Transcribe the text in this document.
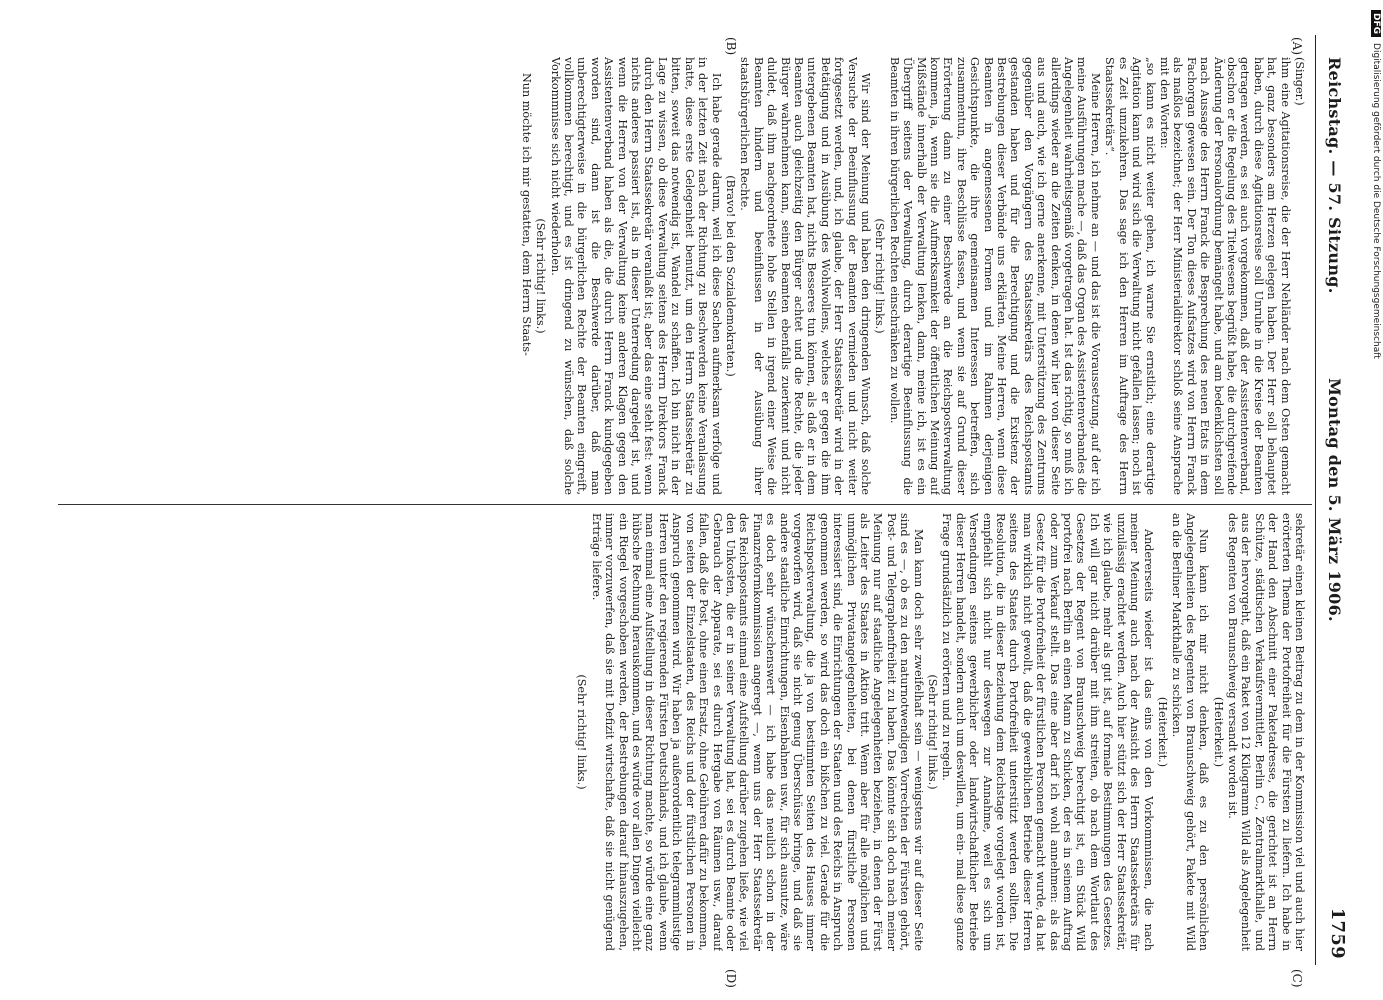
Reichstag. — 57. Sitzung.
Montag den 5. März 1906.
1759
(A)
(B)
(C)
(D)

(Singer.)

ihm eine Agitationsreise, die der Herr Nehländer nach dem Osten gemacht hat, ganz besonders am Herzen gelegen haben. Der Herr soll behauptet haben, durch diese Agitationsreise soll Unruhe in die Kreise der Beamten getragen werden, es sei auch vorgekommen, daß der Assistentenverband, obschon er die Regelung des Titelwesens begrüßt habe, die durchgreifende Änderung der Personalordnung bemängelt habe, und am bedenklichsten soll nach Aussage des Herrn Franck die Besprechung des neuen Etats in dem Fachorgan gewesen sein. Der Ton dieses Aufsatzes wird von Herrn Franck als maßlos bezeichnet; der Herr Ministerialdirektor schloß seine Ansprache mit den Worten:

„so kann es nicht weiter gehen, ich warne Sie ernstlich; eine derartige Agitation kann und wird sich die Verwaltung nicht gefallen lassen; noch ist es Zeit umzukehren. Das sage ich den Herren im Auftrage des Herrn Staatssekretärs“.

Meine Herren, ich nehme an — und das ist die Voraussetzung, auf der ich meine Ausführungen mache —, daß das Organ des Assistentenverbandes die Angelegenheit wahrheitsgemäß vorgetragen hat. Ist das richtig, so muß ich allerdings wieder an die Zeiten denken, in denen wir hier von dieser Seite aus und auch, wie ich gerne anerkenne, mit Unterstützung des Zentrums gegenüber den Vorgängern des Staatssekretärs des Reichspostamts gestanden haben und für die Berechtigung und die Existenz der Bestrebungen dieser Verbände uns erklärten. Meine Herren, wenn diese Beamten in angemessenen Formen und im Rahmen derjenigen Gesichtspunkte, die ihre gemeinsamen Interessen betreffen, sich zusammentun, ihre Beschlüsse fassen, und wenn sie auf Grund dieser Erörterung dann zu einer Beschwerde an die Reichspostverwaltung kommen, ja, wenn sie die Aufmerksamkeit der öffentlichen Meinung auf Mißstände innerhalb der Verwaltung lenken, dann, meine ich, ist es ein Übergriff seitens der Verwaltung, durch derartige Beeinflussung die Beamten in ihren bürgerlichen Rechten einschränken zu wollen.

(Sehr richtig! links.)

Wir sind der Meinung und haben den dringenden Wunsch, daß solche Versuche der Beeinflussung der Beamten vermieden und nicht weiter fortgesetzt werden, und, ich glaube, der Herr Staatssekretär wird in der Betätigung und in Ausübung des Wohlwollens, welches er gegen die ihm untergebenen Beamten hat, nichts Besseres tun können, als daß er in dem Beamten auch gleichzeitig den Bürger achtet und die Rechte, die jeder Bürger wahrnehmen kann, seinen Beamten ebenfalls zuerkennt und nicht duldet, daß ihm nachgeordnete hohe Stellen in irgend einer Weise die Beamten hindern und beeinflussen in der Ausübung ihrer staatsbürgerlichen Rechte.

(Bravo! bei den Sozialdemokraten.)

Ich habe gerade darum, weil ich diese Sachen aufmerksam verfolge und in der letzten Zeit nach der Richtung zu Beschwerden keine Veranlassung hatte, diese erste Gelegenheit benutzt, um den Herrn Staatssekretär zu bitten, soweit das notwendig ist, Wandel zu schaffen. Ich bin nicht in der Lage zu wissen, ob diese Verwaltung seitens des Herrn Direktors Franck durch den Herrn Staatssekretär veranlaßt ist; aber das eine steht fest: wenn nichts anderes passiert ist, als in dieser Unterredung dargelegt ist, und wenn die Herren von der Verwaltung keine anderen Klagen gegen den Assistentenverband haben als die, die durch Herrn Franck kundgegeben worden sind, dann ist die Beschwerde darüber, daß man unberechtigterweise in die bürgerlichen Rechte der Beamten eingreift, vollkommen berechtigt, und es ist dringend zu wünschen, daß solche Vorkommnisse sich nicht wiederholen.

(Sehr richtig! links.)

Nun möchte ich mir gestatten, dem Herrn Staats-

sekretär einen kleinen Beitrag zu dem in der Kommission viel und auch hier erörterten Thema der Portofreiheit für die Fürsten zu liefern. Ich habe in der Hand den Abschnitt einer Paketadresse, die gerichtet ist an Herrn Schütze, städtischen Verkaufsvermittler, Berlin C., Zentralmarkthalle, und aus der hervorgeht, daß ein Paket von 12 Kilogramm Wild als Angelegenheit des Regenten von Braunschweig versandt worden ist.

(Heiterkeit.)

Nun kann ich mir nicht denken, daß es zu den persönlichen Angelegenheiten des Regenten von Braunschweig gehört, Pakete mit Wild an die Berliner Markthalle zu schicken.

(Heiterkeit.)

Andererseits wieder ist das eins von den Vorkommnissen, die nach meiner Meinung auch nach der Ansicht des Herrn Staatssekretärs für unzulässig erachtet werden. Auch hier stützt sich der Herr Staatssekretär, wie ich glaube, mehr als gut ist, auf formale Bestimmungen des Gesetzes. Ich will gar nicht darüber mit ihm streiten, ob nach dem Wortlaut des Gesetzes der Regent von Braunschweig berechtigt ist, ein Stück Wild portofrei nach Berlin an einen Mann zu schicken, der es in seinem Auftrag oder zum Verkauf stellt. Das eine aber darf ich wohl annehmen: als das Gesetz für die Portofreiheit der fürstlichen Personen gemacht wurde, da hat man wirklich nicht gewollt, daß die gewerblichen Betriebe dieser Herren seitens des Staates durch Portofreiheit unterstützt werden sollten. Die Resolution, die in dieser Beziehung dem Reichstage vorgelegt worden ist, empfiehlt sich nicht nur deswegen zur Annahme, weil es sich um Versendungen seitens gewerblicher oder landwirtschaftlicher Betriebe dieser Herren handelt, sondern auch um deswillen, um ein- mal diese ganze Frage grundsätzlich zu erörtern und zu regeln.

(Sehr richtig! links.)

Man kann doch sehr zweifelhaft sein — wenigstens wir auf dieser Seite sind es —, ob es zu den naturnotwendigen Vorrechten der Fürsten gehört, Post- und Telegraphenfreiheit zu haben. Das könnte sich doch nach meiner Meinung nur auf staatliche Angelegenheiten beziehen, in denen der Fürst als Leiter des Staates in Aktion tritt. Wenn aber für alle möglichen und unmöglichen Privatangelegenheiten, bei denen fürstliche Personen interessiert sind, die Einrichtungen der Staaten und des Reichs in Anspruch genommen werden, so wird das doch ein bißchen zu viel. Gerade für die Reichspostverwaltung, die ja von bestimmten Seiten des Hauses immer vorgeworfen wird, daß sie nicht genug Überschüsse bringe, und daß sie andere staatliche Einrichtungen, Eisenbahnen usw., für sich ausnutze, wäre es doch sehr wünschenswert — ich habe das neulich schon in der Finanzreformkommission angeregt —, wenn uns der Herr Staatssekretär des Reichspostamts einmal eine Aufstellung darüber zugehen ließe, wie viel den Unkosten, die er in seiner Verwaltung hat, sei es durch Beamte oder Gebrauch der Apparate, sei es durch Hergabe von Räumen usw., darauf fallen, daß die Post, ohne einen Ersatz, ohne Gebühren dafür zu bekommen, von seiten der Einzelstaaten, des Reichs und der fürstlichen Personen in Anspruch genommen wird. Wir haben ja außerordentlich telegrammlustige Herren unter den regierenden Fürsten Deutschlands, und ich glaube, wenn man einmal eine Aufstellung in dieser Richtung machte, so würde eine ganz hübsche Rechnung herauskommen, und es würde vor allen Dingen vielleicht ein Riegel vorgeschoben werden, der Bestrebungen darauf hinauszugehen, immer vorzuwerfen, daß sie mit Defizit wirtschafte, daß sie nicht genügend Erträge liefere.

(Sehr richtig! links.)

DFGDigitalisierung gefördert durch die Deutsche Forschungsgemeinschaft
